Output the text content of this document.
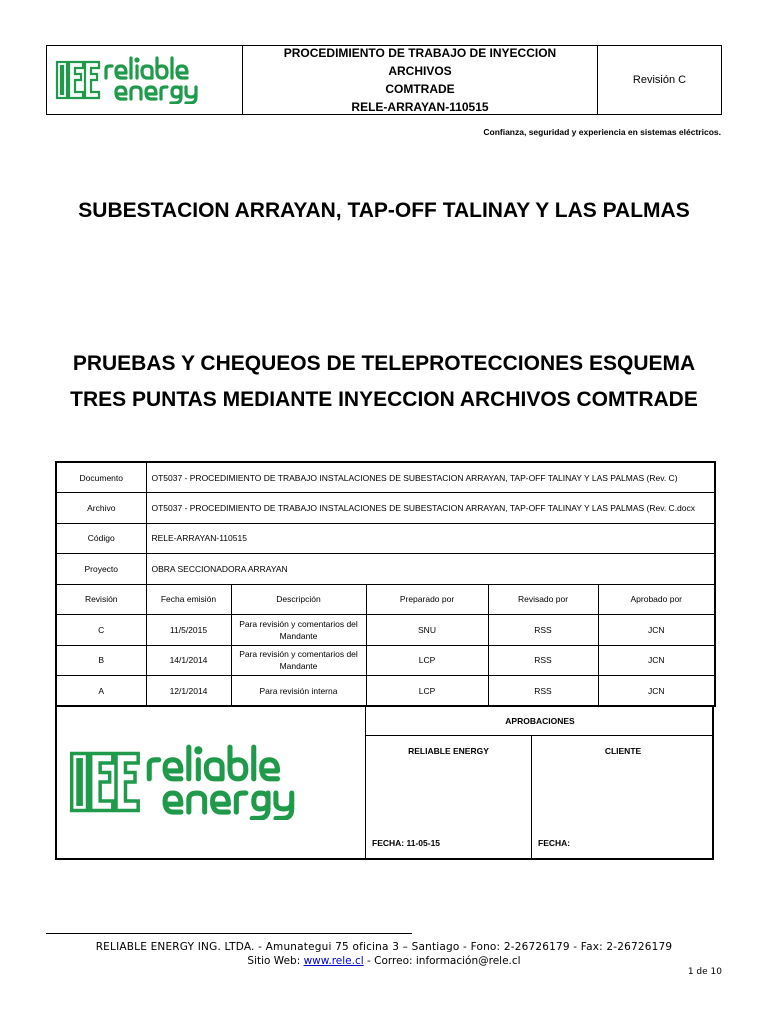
PROCEDIMIENTO DE TRABAJO DE INYECCION ARCHIVOS
COMTRADE
RELE-ARRAYAN-110515
Revisión C
Confianza, seguridad y experiencia en sistemas eléctricos.
SUBESTACION ARRAYAN, TAP-OFF TALINAY Y LAS PALMAS
PRUEBAS Y CHEQUEOS DE TELEPROTECCIONES ESQUEMA
TRES PUNTAS MEDIANTE INYECCION ARCHIVOS COMTRADE
Documento	OT5037 - PROCEDIMIENTO DE TRABAJO INSTALACIONES DE SUBESTACION ARRAYAN, TAP-OFF TALINAY Y LAS PALMAS (Rev. C)				
Archivo	OT5037 - PROCEDIMIENTO DE TRABAJO INSTALACIONES DE SUBESTACION ARRAYAN, TAP-OFF TALINAY Y LAS PALMAS (Rev. C.docx				
Código	RELE-ARRAYAN-110515				
Proyecto	OBRA SECCIONADORA ARRAYAN				
Revisión	Fecha emisión	Descripción	Preparado por	Revisado por	Aprobado por
C	11/5/2015	Para revisión y comentarios del Mandante	SNU	RSS	JCN
B	14/1/2014	Para revisión y comentarios del Mandante	LCP	RSS	JCN
A	12/1/2014	Para revisión interna	LCP	RSS	JCN
APROBACIONES
RELIABLE ENERGY
FECHA: 11-05-15
CLIENTE
FECHA:
RELIABLE ENERGY ING. LTDA. - Amunategui 75 oficina 3 – Santiago - Fono: 2-26726179 - Fax: 2-26726179
Sitio Web: www.rele.cl - Correo: información@rele.cl
1 de 10
